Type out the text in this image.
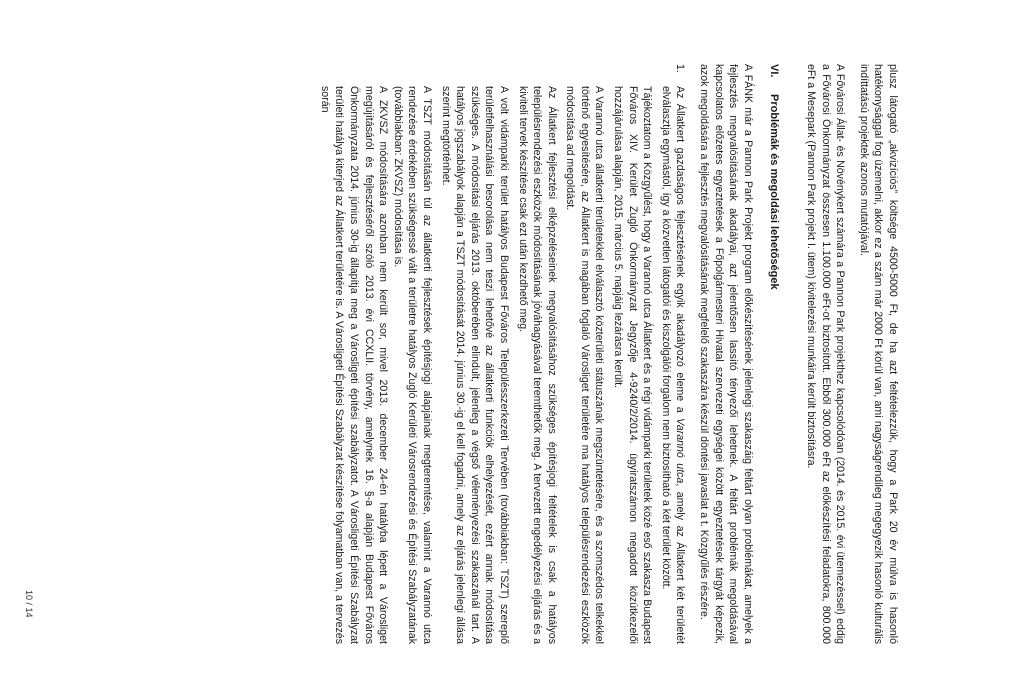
plusz látogató „akvizíciós” költsége 4500-5000 Ft, de ha azt feltételezzük, hogy a Park 20 év múlva is hasonló hatékonysággal fog üzemelni, akkor ez a szám már 2000 Ft körül van, ami nagyságrendileg megegyezik hasonló kulturális indíttatású projektek azonos mutatójával.

A Fővárosi Állat- és Növénykert számára a Pannon Park projekthez kapcsolódóan (2014. és 2015. évi ütemezéssel) eddig a Fővárosi Önkormányzat összesen 1.100.000 eFt-ot biztosított. Ebből 300.000 eFt az előkészítési feladatokra, 800.000 eFt a Mesepark (Pannon Park projekt I. ütem) kivitelezési munkáira került biztosításra.

VI.Problémák és megoldási lehetőségek

A FÁNK már a Pannon Park Projekt program előkészítésének jelenlegi szakaszáig feltárt olyan problémákat, amelyek a fejlesztés megvalósításának akadályai, azt jelentősen lassító tényezői lehetnek. A feltárt problémák megoldásával kapcsolatos előzetes egyeztetések a Főpolgármesteri Hivatal szervezeti egységei között egyeztetések tárgyát képezik, azok megoldására a fejlesztés megvalósításának megfelelő szakaszára készül döntési javaslat a t. Közgyűlés részére.

1.
Az Állatkert gazdaságos fejlesztésének egyik akadályozó eleme a Varannó utca, amely az Állatkert két területét elválasztja egymástól, így a közvetlen látogatói és kiszolgálói forgalom nem biztosítható a két terület között.

Tájékoztatom a Közgyűlést, hogy a Varannó utca Állatkert és a régi vidámparki területek közé eső szakasza Budapest Főváros XIV. Kerület Zugló Önkormányzat Jegyzője 4-9240/2/2014. ügyiratszámon megadott közútkezelői hozzájárulása alapján, 2015. március 5. napjáig lezárásra került.

A Varannó utca állatkerti területekkel elválasztó közterületi státuszának megszüntetésére, és a szomszédos telkekkel történő egyesítésére, az Állatkert is magában foglaló Városliget területére ma hatályos településrendezési eszközök módosítása ad megoldást.

Az Állatkert fejlesztési elképzeléseinek megvalósításához szükséges építésjogi feltételek is csak a hatályos településrendezési eszközök módosításának jóváhagyásával teremthetők meg. A tervezett engedélyezési eljárás és a kiviteli tervek készítése csak ezt után kezdhető meg.

A volt vidámparki terület hatályos Budapest Főváros Településszerkezeti Tervében (továbbiakban: TSZT) szereplő területfelhasználási besorolása nem teszi lehetővé az állatkerti funkciók elhelyezését, ezért annak módosítása szükséges. A módosítási eljárás 2013. októberében elindult, jelenleg a végső véleményezési szakaszánál tart. A hatályos jogszabályok alapján a TSZT módosítását 2014. június 30.-ig el kell fogadni, amely az eljárás jelenlegi állása szerint megtörténhet.

A TSZT módosításán túl az állatkerti fejlesztések építésjogi alapjainak megteremtése, valamint a Varannó utca rendezése érdekében szükségessé vált a területre hatályos Zugló Kerületi Városrendezési és Építési Szabályzatának (továbbiakban: ZKVSZ) módosítása is.

A ZKVSZ módosítására azonban nem került sor, mivel 2013. december 24-én hatályba lépett a Városliget megújításáról és fejlesztéséről szóló 2013. évi CCXLII. törvény, amelynek 16. §-a alapján Budapest Főváros Önkormányzata 2014. június 30-ig állapítja meg a Városligeti építési szabályzatot. A Városligeti Építési Szabályzat területi hatálya kiterjed az Állatkert területére is. A Városligeti Építési Szabályzat készítése folyamatban van, a tervezés során

10 / 14
